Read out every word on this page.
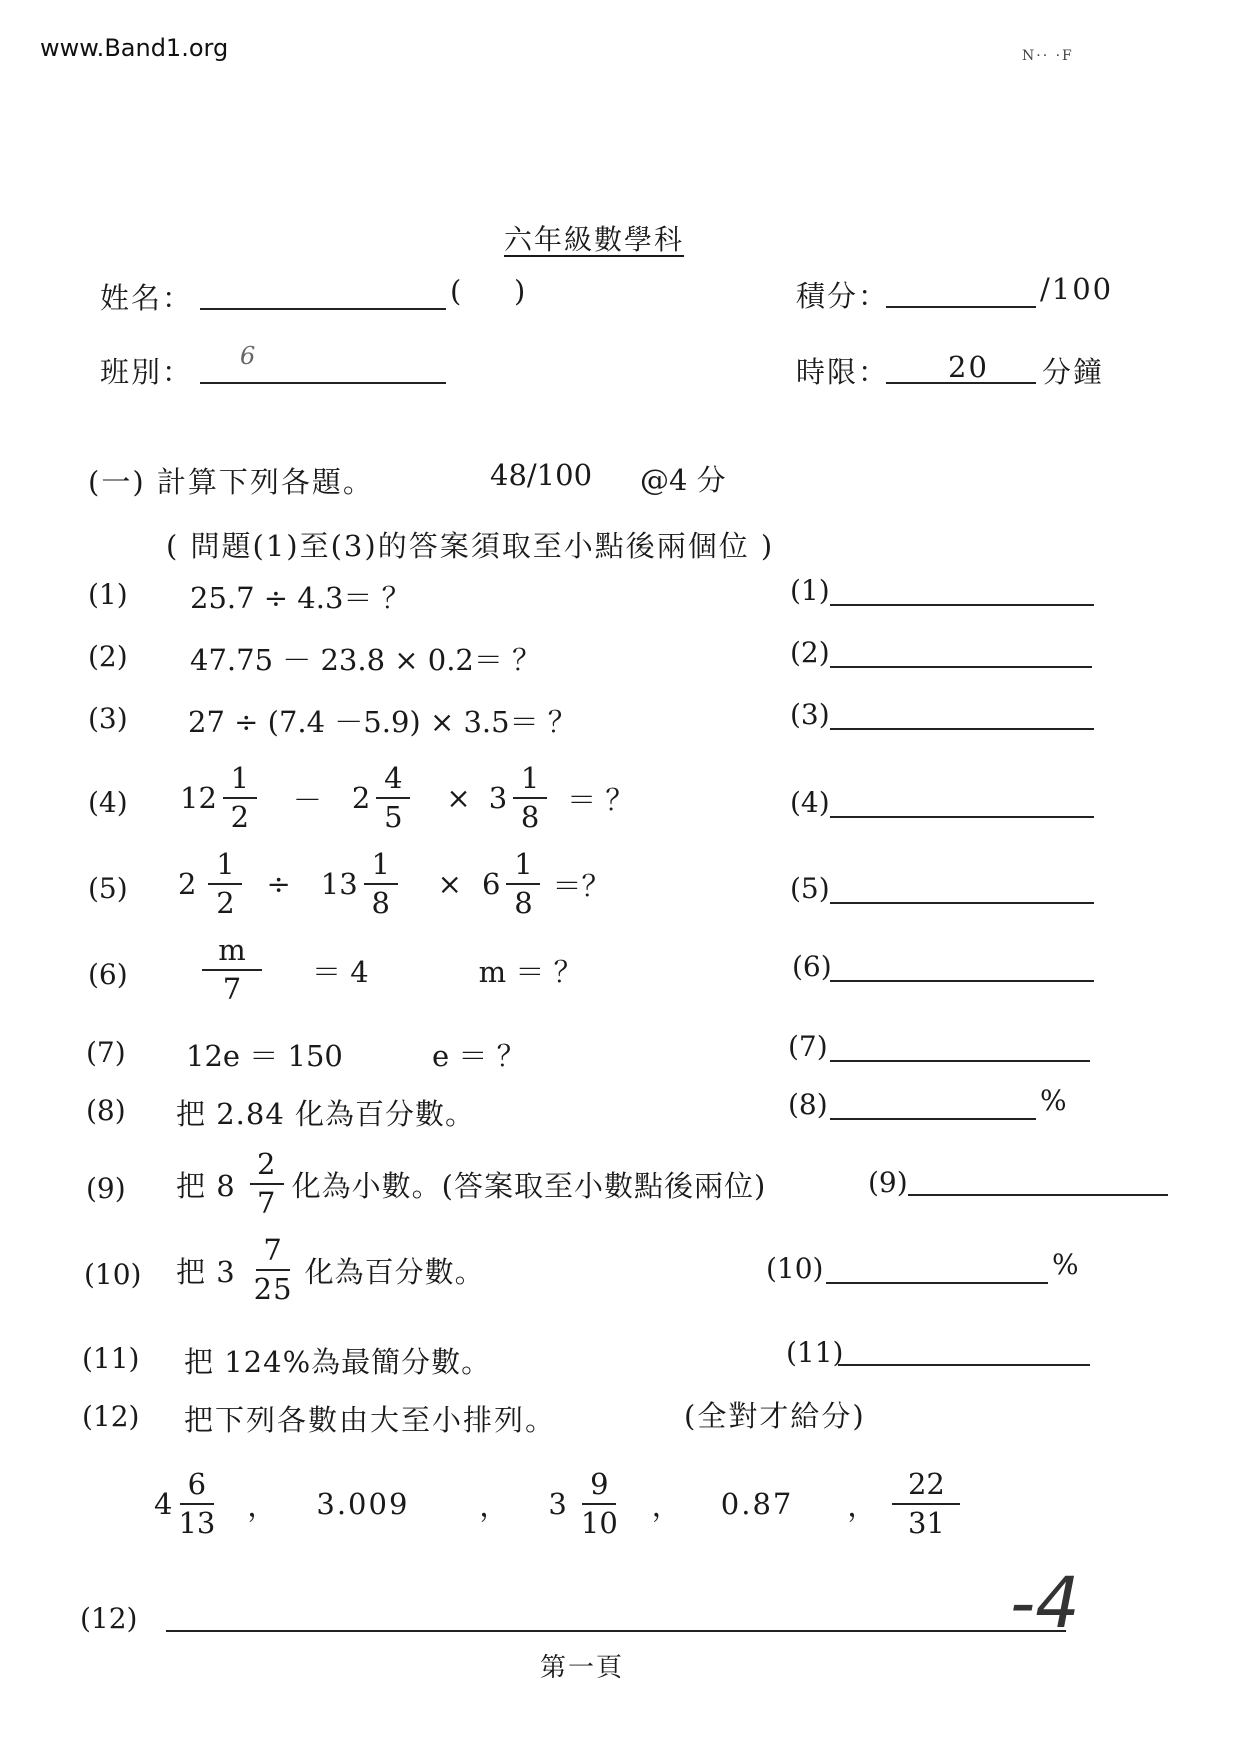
www.Band1.org	N·· ·F
六年級數學科
姓名：	( )	積分：	/100
班別： 6	時限： 20 分鐘
(一) 計算下列各題。	48/100 @4 分
( 問題(1)至(3)的答案須取至小點後兩個位 )
(1) 25.7 ÷ 4.3＝ ？	(1)
(2) 47.75 － 23.8 × 0.2＝ ？	(2)
(3) 27 ÷ (7.4 －5.9) × 3.5＝ ？	(3)
(4) $12 \frac{1}{2} - 2 \frac{4}{5} \times 3 \frac{1}{8}$ ＝ ？	(4)
(5) $2 \frac{1}{2} \div 13 \frac{1}{8} \times 6 \frac{1}{8}$ ＝？	(5)
(6)	$\frac{m}{7} = 4$	m ＝ ？	(6)
(7) 12e ＝ 150	e ＝ ？	(7)
(8) 把 2.84 化為百分數。	(8)	%
(9) 把 $8 \frac{2}{7}$ 化為小數。(答案取至小數點後兩位)	(9)
(10) 把 $3 \frac{7}{25}$ 化為百分數。	(10)	%
(11) 把 124%為最簡分數。	(11)
(12) 把下列各數由大至小排列。	(全對才給分)
$4 \frac{6}{13}$ ， 3.009 ， $3 \frac{9}{10}$ ， 0.87 ， $\frac{22}{31}$
(12)	-4
第一頁
